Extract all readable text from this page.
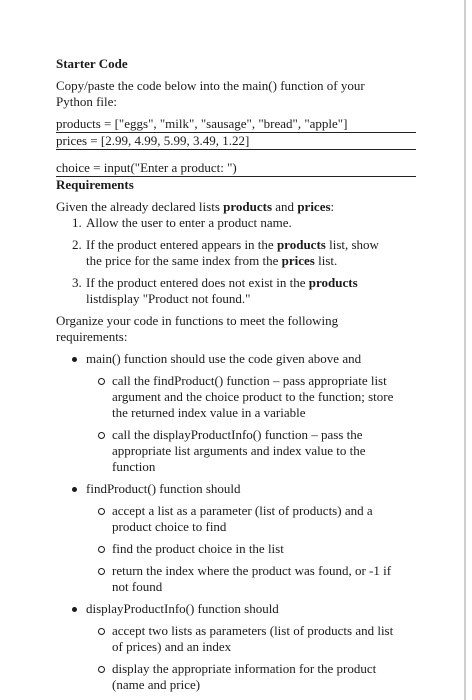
Starter Code
Copy/paste the code below into the main() function of your
Python file:
products = ["eggs", "milk", "sausage", "bread", "apple"]
prices = [2.99, 4.99, 5.99, 3.49, 1.22]
choice = input("Enter a product: ")
Requirements
Given the already declared lists products and prices:
1. Allow the user to enter a product name.
2. If the product entered appears in the products list, show
the price for the same index from the prices list.
3. If the product entered does not exist in the products
listdisplay "Product not found."
Organize your code in functions to meet the following
requirements:
main() function should use the code given above and
call the findProduct() function – pass appropriate list
argument and the choice product to the function; store
the returned index value in a variable
call the displayProductInfo() function – pass the
appropriate list arguments and index value to the
function
findProduct() function should
accept a list as a parameter (list of products) and a
product choice to find
find the product choice in the list
return the index where the product was found, or -1 if
not found
displayProductInfo() function should
accept two lists as parameters (list of products and list
of prices) and an index
display the appropriate information for the product
(name and price)
